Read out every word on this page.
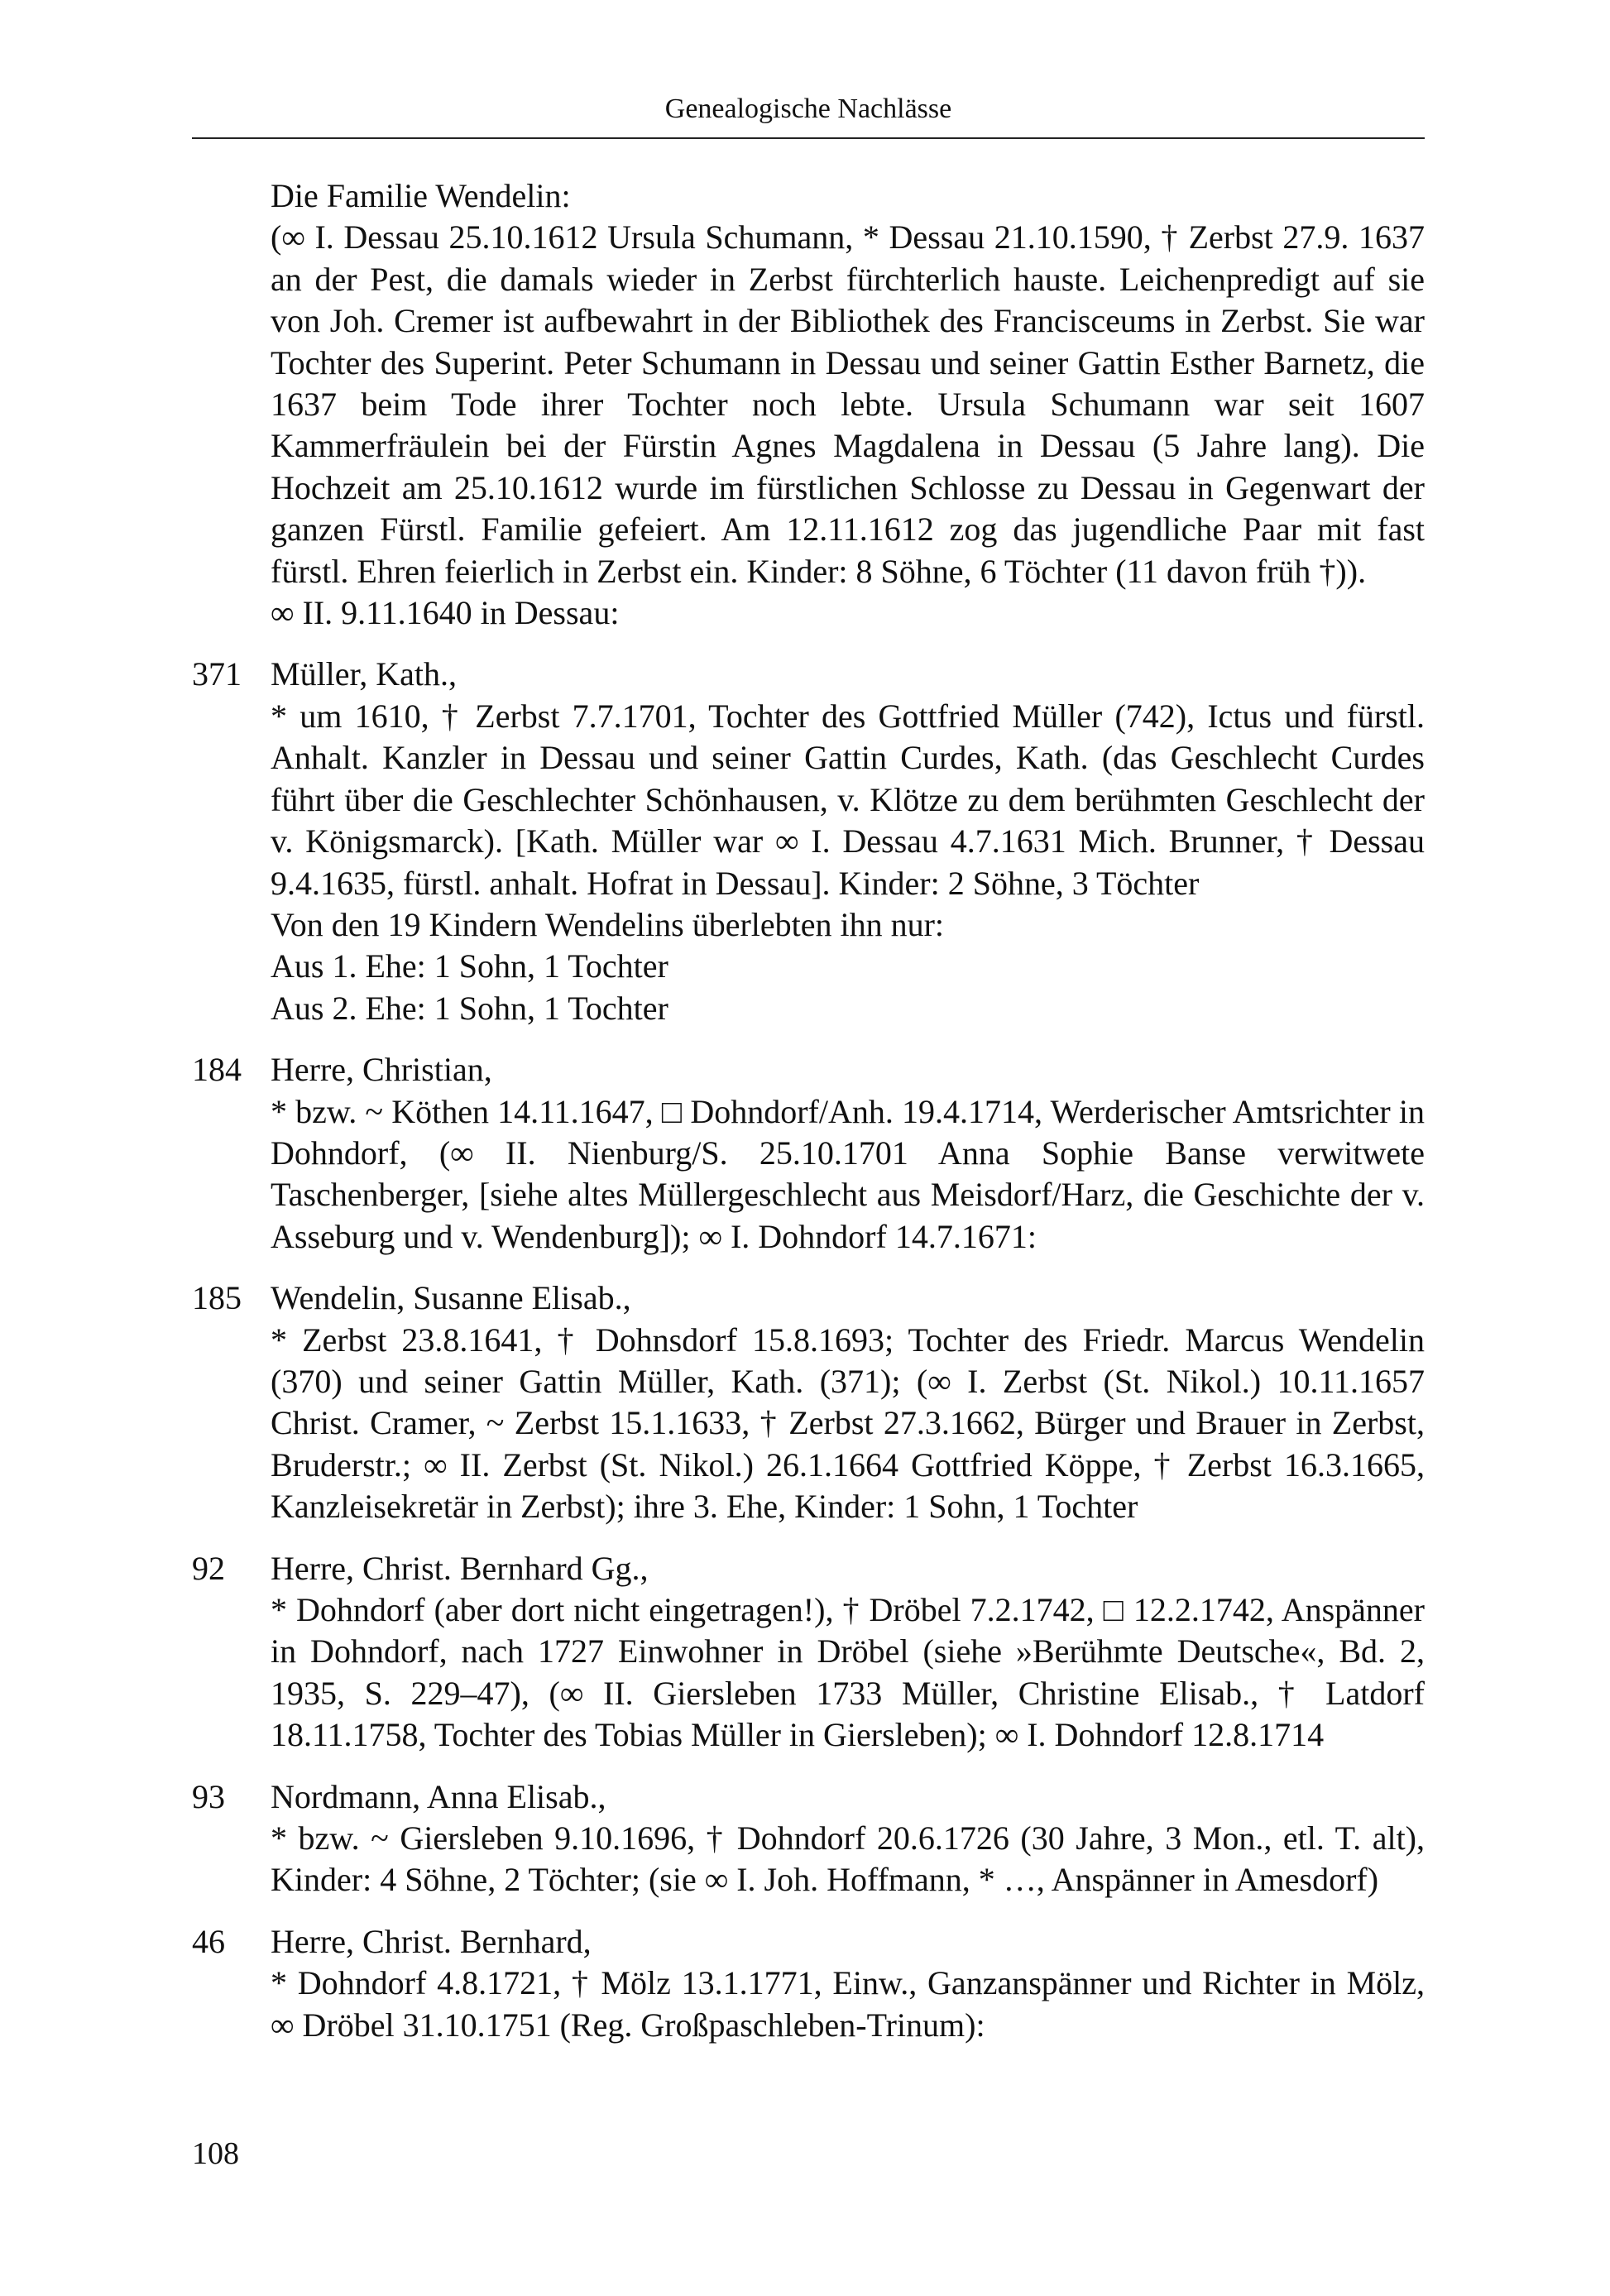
Genealogische Nachlässe
Die Familie Wendelin:
(∞ I. Dessau 25.10.1612 Ursula Schumann, * Dessau 21.10.1590, † Zerbst 27.9. 1637 an der Pest, die damals wieder in Zerbst fürchterlich hauste. Leichenpredigt auf sie von Joh. Cremer ist aufbewahrt in der Bibliothek des Francisceums in Zerbst. Sie war Tochter des Superint. Peter Schumann in Dessau und seiner Gattin Esther Barnetz, die 1637 beim Tode ihrer Tochter noch lebte. Ursula Schumann war seit 1607 Kammerfräulein bei der Fürstin Agnes Magdalena in Dessau (5 Jahre lang). Die Hochzeit am 25.10.1612 wurde im fürstlichen Schlosse zu Dessau in Gegenwart der ganzen Fürstl. Familie gefeiert. Am 12.11.1612 zog das jugendliche Paar mit fast fürstl. Ehren feierlich in Zerbst ein. Kinder: 8 Söhne, 6 Töchter (11 davon früh †)).
∞ II. 9.11.1640 in Dessau:
371 Müller, Kath.,
* um 1610, † Zerbst 7.7.1701, Tochter des Gottfried Müller (742), Ictus und fürstl. Anhalt. Kanzler in Dessau und seiner Gattin Curdes, Kath. (das Geschlecht Curdes führt über die Geschlechter Schönhausen, v. Klötze zu dem berühmten Geschlecht der v. Königsmarck). [Kath. Müller war ∞ I. Dessau 4.7.1631 Mich. Brunner, † Dessau 9.4.1635, fürstl. anhalt. Hofrat in Dessau]. Kinder: 2 Söhne, 3 Töchter
Von den 19 Kindern Wendelins überlebten ihn nur:
Aus 1. Ehe: 1 Sohn, 1 Tochter
Aus 2. Ehe: 1 Sohn, 1 Tochter
184 Herre, Christian,
* bzw. ~ Köthen 14.11.1647, □ Dohndorf/Anh. 19.4.1714, Werderischer Amtsrichter in Dohndorf, (∞ II. Nienburg/S. 25.10.1701 Anna Sophie Banse verwitwete Taschenberger, [siehe altes Müllergeschlecht aus Meisdorf/Harz, die Geschichte der v. Asseburg und v. Wendenburg]); ∞ I. Dohndorf 14.7.1671:
185 Wendelin, Susanne Elisab.,
* Zerbst 23.8.1641, † Dohnsdorf 15.8.1693; Tochter des Friedr. Marcus Wendelin (370) und seiner Gattin Müller, Kath. (371); (∞ I. Zerbst (St. Nikol.) 10.11.1657 Christ. Cramer, ~ Zerbst 15.1.1633, † Zerbst 27.3.1662, Bürger und Brauer in Zerbst, Bruderstr.; ∞ II. Zerbst (St. Nikol.) 26.1.1664 Gottfried Köppe, † Zerbst 16.3.1665, Kanzleisekretär in Zerbst); ihre 3. Ehe, Kinder: 1 Sohn, 1 Tochter
92 Herre, Christ. Bernhard Gg.,
* Dohndorf (aber dort nicht eingetragen!), † Dröbel 7.2.1742, □ 12.2.1742, Anspänner in Dohndorf, nach 1727 Einwohner in Dröbel (siehe »Berühmte Deutsche«, Bd. 2, 1935, S. 229–47), (∞ II. Giersleben 1733 Müller, Christine Elisab., † Latdorf 18.11.1758, Tochter des Tobias Müller in Giersleben); ∞ I. Dohndorf 12.8.1714
93 Nordmann, Anna Elisab.,
* bzw. ~ Giersleben 9.10.1696, † Dohndorf 20.6.1726 (30 Jahre, 3 Mon., etl. T. alt), Kinder: 4 Söhne, 2 Töchter; (sie ∞ I. Joh. Hoffmann, * …, Anspänner in Amesdorf)
46 Herre, Christ. Bernhard,
* Dohndorf 4.8.1721, † Mölz 13.1.1771, Einw., Ganzanspänner und Richter in Mölz, ∞ Dröbel 31.10.1751 (Reg. Großpaschleben-Trinum):
108
